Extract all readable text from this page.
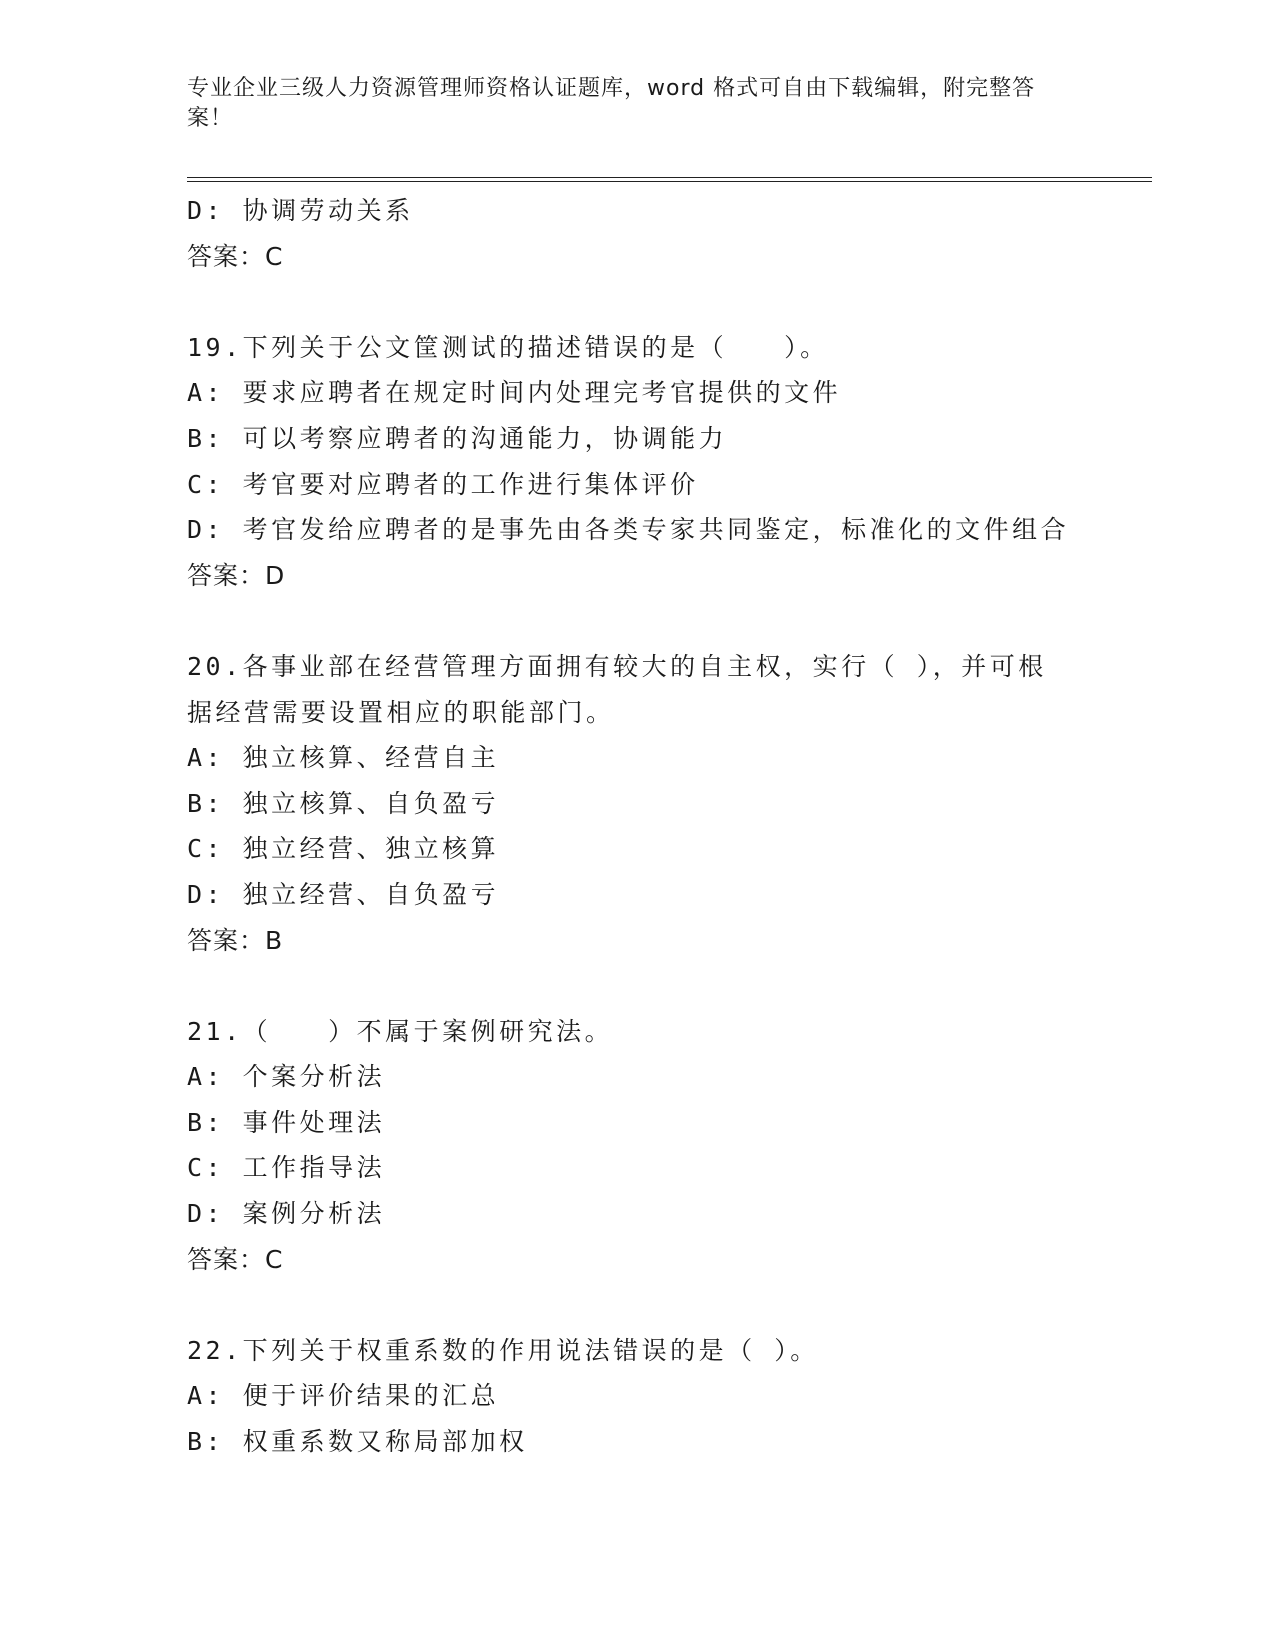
专业企业三级人力资源管理师资格认证题库，word 格式可自由下载编辑，附完整答案！
D: 协调劳动关系
答案：C
19.下列关于公文筐测试的描述错误的是（　　）。
A: 要求应聘者在规定时间内处理完考官提供的文件
B: 可以考察应聘者的沟通能力，协调能力
C: 考官要对应聘者的工作进行集体评价
D: 考官发给应聘者的是事先由各类专家共同鉴定，标准化的文件组合
答案：D
20.各事业部在经营管理方面拥有较大的自主权，实行（ ），并可根据经营需要设置相应的职能部门。
A: 独立核算、经营自主
B: 独立核算、自负盈亏
C: 独立经营、独立核算
D: 独立经营、自负盈亏
答案：B
21.（　　）不属于案例研究法。
A: 个案分析法
B: 事件处理法
C: 工作指导法
D: 案例分析法
答案：C
22.下列关于权重系数的作用说法错误的是（ ）。
A: 便于评价结果的汇总
B: 权重系数又称局部加权
